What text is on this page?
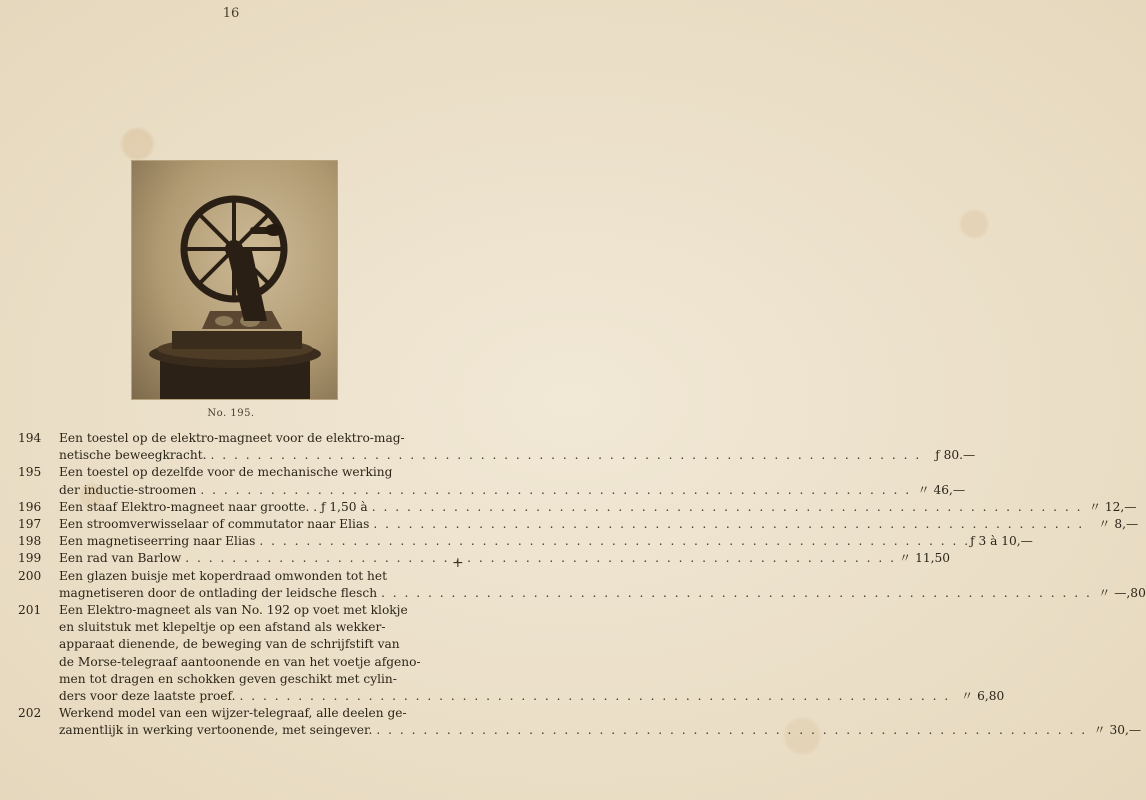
16
No. 195.
194	Een toestel op de elektro-magneet voor de elektro-mag-
netische beweegkracht. . . .	ƒ 80.—
195	Een toestel op dezelfde voor de mechanische werking
der inductie-stroomen . . .	〃 46,—
196	Een staaf Elektro-magneet naar grootte. . ƒ 1,50 à . . .	〃 12,—
197	Een stroomverwisselaar of commutator naar Elias . . .	〃 8,—
198	Een magnetiseerring naar Elias . . .	ƒ 3 à 10,—
199	Een rad van Barlow . . .	〃 11,50
200	Een glazen buisje met koperdraad omwonden tot het
magnetiseren door de ontlading der leidsche flesch . . .	〃 —,80
201	Een Elektro-magneet als van No. 192 op voet met klokje
en sluitstuk met klepeltje op een afstand als wekker-
apparaat dienende, de beweging van de schrijfstift van
de Morse-telegraaf aantoonende en van het voetje afgeno-
men tot dragen en schokken geven geschikt met cylin-
ders voor deze laatste proef. . . .	〃 6,80
202	Werkend model van een wijzer-telegraaf, alle deelen ge-
zamentlijk in werking vertoonende, met seingever. . . .	〃 30,—
+
